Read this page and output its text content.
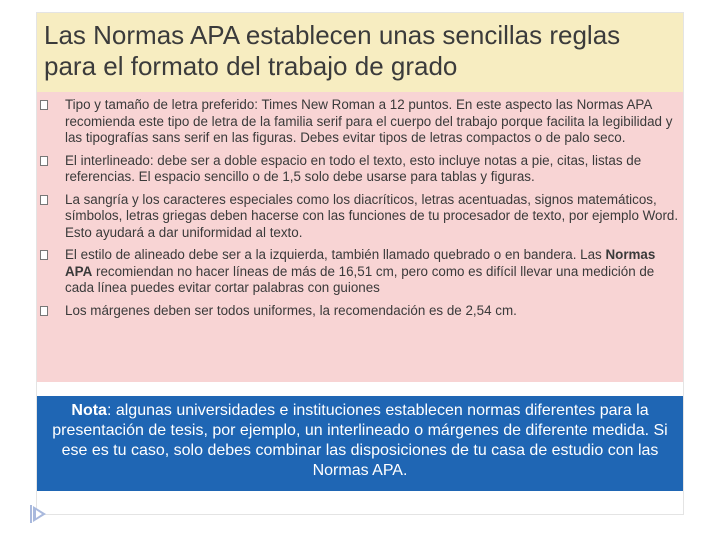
Las Normas APA establecen unas sencillas reglas para el formato del trabajo de grado
Tipo y tamaño de letra preferido: Times New Roman a 12 puntos. En este aspecto las Normas APA recomienda este tipo de letra de la familia serif para el cuerpo del trabajo porque facilita la legibilidad y las tipografías sans serif en las figuras. Debes evitar tipos de letras compactos o de palo seco.
El interlineado: debe ser a doble espacio en todo el texto, esto incluye notas a pie, citas, listas de referencias. El espacio sencillo o de 1,5 solo debe usarse para tablas y figuras.
La sangría y los caracteres especiales como los diacríticos, letras acentuadas, signos matemáticos, símbolos, letras griegas deben hacerse con las funciones de tu procesador de texto, por ejemplo Word. Esto ayudará a dar uniformidad al texto.
El estilo de alineado debe ser a la izquierda, también llamado quebrado o en bandera. Las Normas APA recomiendan no hacer líneas de más de 16,51 cm, pero como es difícil llevar una medición de cada línea puedes evitar cortar palabras con guiones
Los márgenes deben ser todos uniformes, la recomendación es de 2,54 cm.
Nota: algunas universidades e instituciones establecen normas diferentes para la presentación de tesis, por ejemplo, un interlineado o márgenes de diferente medida. Si ese es tu caso, solo debes combinar las disposiciones de tu casa de estudio con las Normas APA.
